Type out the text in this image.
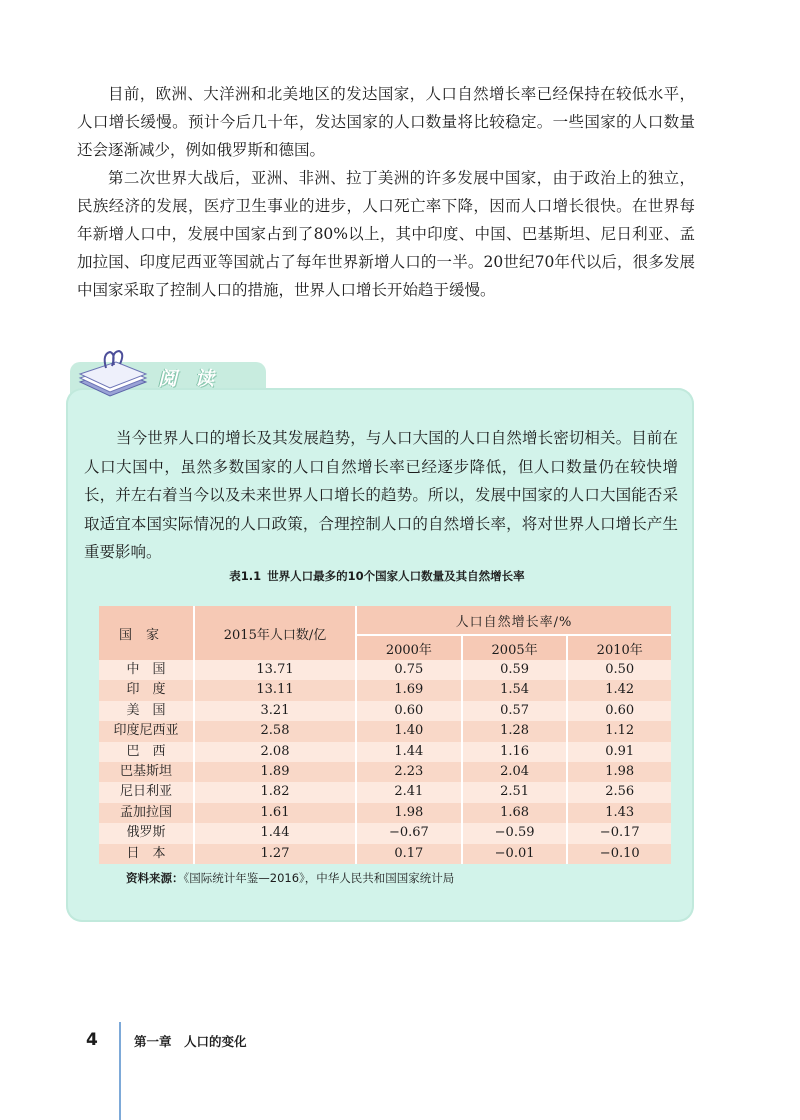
目前，欧洲、大洋洲和北美地区的发达国家，人口自然增长率已经保持在较低水平，人口增长缓慢。预计今后几十年，发达国家的人口数量将比较稳定。一些国家的人口数量还会逐渐减少，例如俄罗斯和德国。

第二次世界大战后，亚洲、非洲、拉丁美洲的许多发展中国家，由于政治上的独立，民族经济的发展，医疗卫生事业的进步，人口死亡率下降，因而人口增长很快。在世界每年新增人口中，发展中国家占到了80%以上，其中印度、中国、巴基斯坦、尼日利亚、孟加拉国、印度尼西亚等国就占了每年世界新增人口的一半。20世纪70年代以后，很多发展中国家采取了控制人口的措施，世界人口增长开始趋于缓慢。

阅读

当今世界人口的增长及其发展趋势，与人口大国的人口自然增长密切相关。目前在人口大国中，虽然多数国家的人口自然增长率已经逐步降低，但人口数量仍在较快增长，并左右着当今以及未来世界人口增长的趋势。所以，发展中国家的人口大国能否采取适宜本国实际情况的人口政策，合理控制人口的自然增长率，将对世界人口增长产生重要影响。

表1.1 世界人口最多的10个国家人口数量及其自然增长率
国家	2015年人口数/亿	人口自然增长率/%		
		2000年	2005年	2010年
中　国	13.71	0.75	0.59	0.50
印　度	13.11	1.69	1.54	1.42
美　国	3.21	0.60	0.57	0.60
印度尼西亚	2.58	1.40	1.28	1.12
巴　西	2.08	1.44	1.16	0.91
巴基斯坦	1.89	2.23	2.04	1.98
尼日利亚	1.82	2.41	2.51	2.56
孟加拉国	1.61	1.98	1.68	1.43
俄罗斯	1.44	−0.67	−0.59	−0.17
日　本	1.27	0.17	−0.01	−0.10
资料来源：《国际统计年鉴—2016》，中华人民共和国国家统计局
4	第一章　人口的变化
